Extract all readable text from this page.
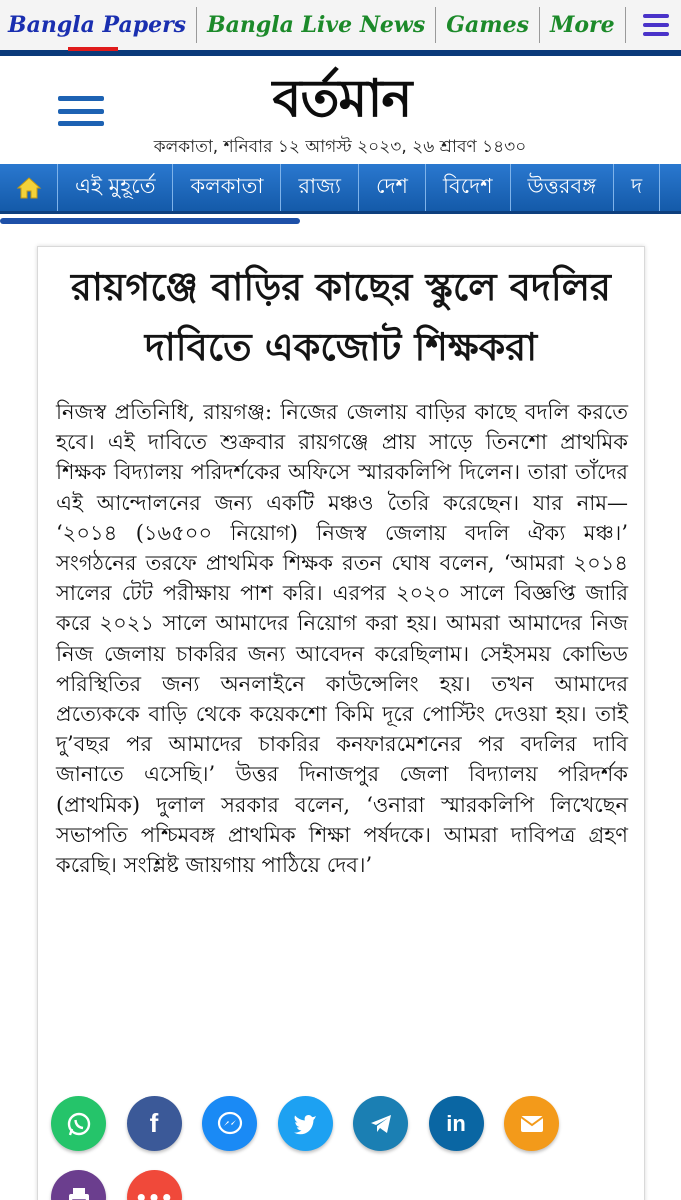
Bangla Papers Bangla Live News Games More
বর্তমান
কলকাতা, শনিবার ১২ আগস্ট ২০২৩, ২৬ শ্রাবণ ১৪৩০
এই মুহূর্তে কলকাতা রাজ্য দেশ বিদেশ উত্তরবঙ্গ দ
রায়গঞ্জে বাড়ির কাছের স্কুলে বদলির দাবিতে একজোট শিক্ষকরা

নিজস্ব প্রতিনিধি, রায়গঞ্জ: নিজের জেলায় বাড়ির কাছে বদলি করতে হবে। এই দাবিতে শুক্রবার রায়গঞ্জে প্রায় সাড়ে তিনশো প্রাথমিক শিক্ষক বিদ্যালয় পরিদর্শকের অফিসে স্মারকলিপি দিলেন। তারা তাঁদের এই আন্দোলনের জন্য একটি মঞ্চও তৈরি করেছেন। যার নাম— ‘২০১৪ (১৬৫০০ নিয়োগ) নিজস্ব জেলায় বদলি ঐক্য মঞ্চ।’ সংগঠনের তরফে প্রাথমিক শিক্ষক রতন ঘোষ বলেন, ‘আমরা ২০১৪ সালের টেট পরীক্ষায় পাশ করি। এরপর ২০২০ সালে বিজ্ঞপ্তি জারি করে ২০২১ সালে আমাদের নিয়োগ করা হয়। আমরা আমাদের নিজ নিজ জেলায় চাকরির জন্য আবেদন করেছিলাম। সেইসময় কোভিড পরিস্থিতির জন্য অনলাইনে কাউন্সেলিং হয়। তখন আমাদের প্রত্যেককে বাড়ি থেকে কয়েকশো কিমি দূরে পোস্টিং দেওয়া হয়। তাই দু’বছর পর আমাদের চাকরির কনফারমেশনের পর বদলির দাবি জানাতে এসেছি।’ উত্তর দিনাজপুর জেলা বিদ্যালয় পরিদর্শক (প্রাথমিক) দুলাল সরকার বলেন, ‘ওনারা স্মারকলিপি লিখেছেন সভাপতি পশ্চিমবঙ্গ প্রাথমিক শিক্ষা পর্ষদকে। আমরা দাবিপত্র গ্রহণ করেছি। সংশ্লিষ্ট জায়গায় পাঠিয়ে দেব।’

f	in
•••
